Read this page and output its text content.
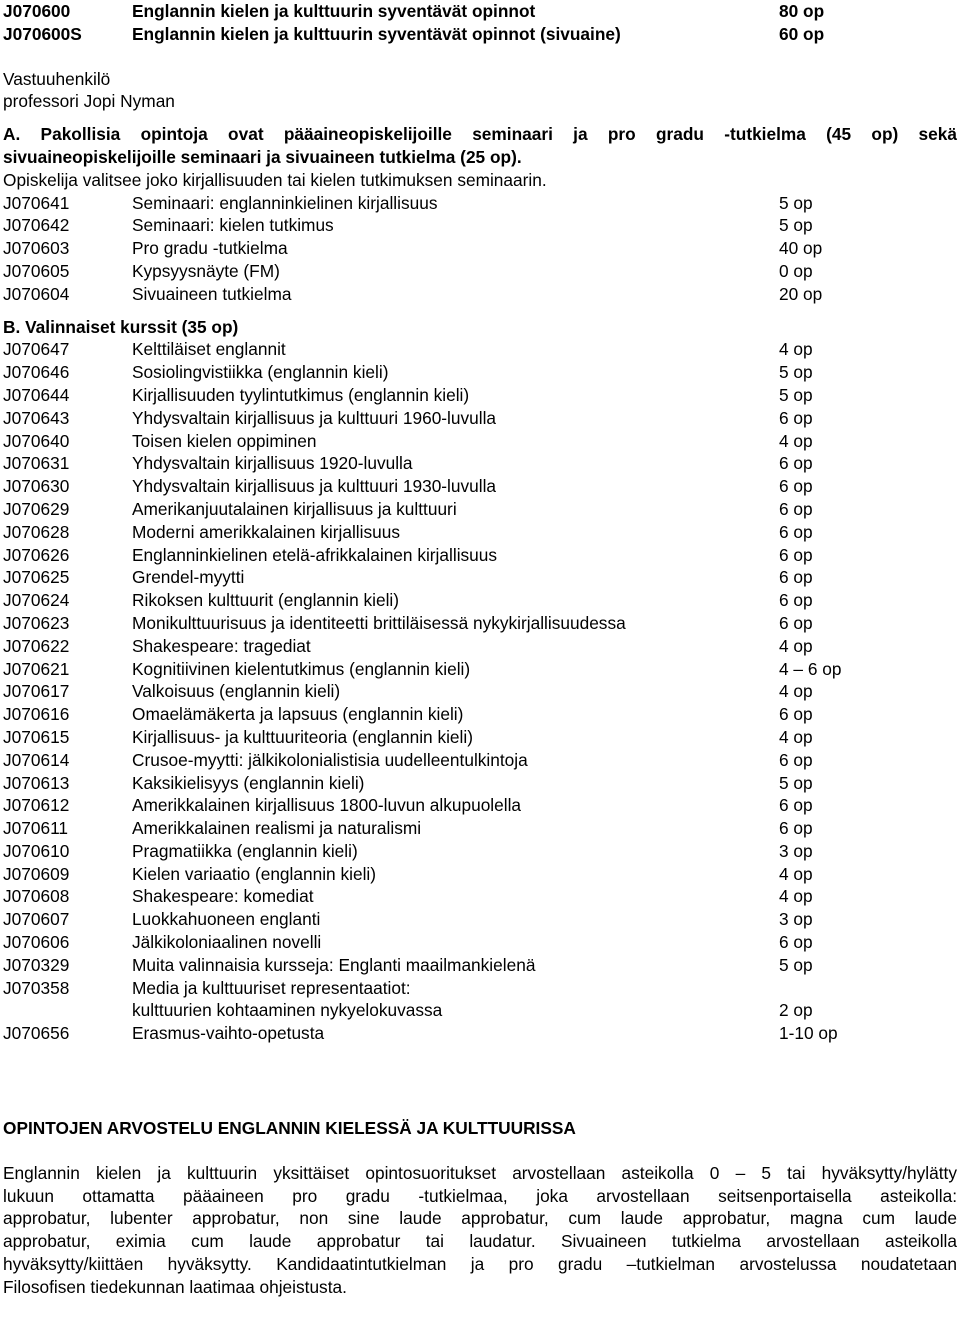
J070600	Englannin kielen ja kulttuurin syventävät opinnot	80 op
J070600S	Englannin kielen ja kulttuurin syventävät opinnot (sivuaine)	60 op
Vastuuhenkilö
professori Jopi Nyman
A. Pakollisia opintoja ovat pääaineopiskelijoille seminaari ja pro gradu -tutkielma (45 op) sekä
sivuaineopiskelijoille seminaari ja sivuaineen tutkielma (25 op).
Opiskelija valitsee joko kirjallisuuden tai kielen tutkimuksen seminaarin.
J070641	Seminaari: englanninkielinen kirjallisuus	5 op
J070642	Seminaari: kielen tutkimus	5 op
J070603	Pro gradu -tutkielma	40 op
J070605	Kypsyysnäyte (FM)	0 op
J070604	Sivuaineen tutkielma	20 op
B. Valinnaiset kurssit (35 op)
J070647	Kelttiläiset englannit	4 op
J070646	Sosiolingvistiikka (englannin kieli)	5 op
J070644	Kirjallisuuden tyylintutkimus (englannin kieli)	5 op
J070643	Yhdysvaltain kirjallisuus ja kulttuuri 1960-luvulla	6 op
J070640	Toisen kielen oppiminen	4 op
J070631	Yhdysvaltain kirjallisuus 1920-luvulla	6 op
J070630	Yhdysvaltain kirjallisuus ja kulttuuri 1930-luvulla	6 op
J070629	Amerikanjuutalainen kirjallisuus ja kulttuuri	6 op
J070628	Moderni amerikkalainen kirjallisuus	6 op
J070626	Englanninkielinen etelä-afrikkalainen kirjallisuus	6 op
J070625	Grendel-myytti	6 op
J070624	Rikoksen kulttuurit (englannin kieli)	6 op
J070623	Monikulttuurisuus ja identiteetti brittiläisessä nykykirjallisuudessa	6 op
J070622	Shakespeare: tragediat	4 op
J070621	Kognitiivinen kielentutkimus (englannin kieli)	4 – 6 op
J070617	Valkoisuus (englannin kieli)	4 op
J070616	Omaelämäkerta ja lapsuus (englannin kieli)	6 op
J070615	Kirjallisuus- ja kulttuuriteoria (englannin kieli)	4 op
J070614	Crusoe-myytti: jälkikolonialistisia uudelleentulkintoja	6 op
J070613	Kaksikielisyys (englannin kieli)	5 op
J070612	Amerikkalainen kirjallisuus 1800-luvun alkupuolella	6 op
J070611	Amerikkalainen realismi ja naturalismi	6 op
J070610	Pragmatiikka (englannin kieli)	3 op
J070609	Kielen variaatio (englannin kieli)	4 op
J070608	Shakespeare: komediat	4 op
J070607	Luokkahuoneen englanti	3 op
J070606	Jälkikoloniaalinen novelli	6 op
J070329	Muita valinnaisia kursseja: Englanti maailmankielenä	5 op
J070358	Media ja kulttuuriset representaatiot:
kulttuurien kohtaaminen nykyelokuvassa	2 op
J070656	Erasmus-vaihto-opetusta	1-10 op
OPINTOJEN ARVOSTELU ENGLANNIN KIELESSÄ JA KULTTUURISSA
Englannin kielen ja kulttuurin yksittäiset opintosuoritukset arvostellaan asteikolla 0 – 5 tai hyväksytty/hylätty
lukuun ottamatta pääaineen pro gradu -tutkielmaa, joka arvostellaan seitsenportaisella asteikolla:
approbatur, lubenter approbatur, non sine laude approbatur, cum laude approbatur, magna cum laude
approbatur, eximia cum laude approbatur tai laudatur. Sivuaineen tutkielma arvostellaan asteikolla
hyväksytty/kiittäen hyväksytty. Kandidaatintutkielman ja pro gradu –tutkielman arvostelussa noudatetaan
Filosofisen tiedekunnan laatimaa ohjeistusta.
